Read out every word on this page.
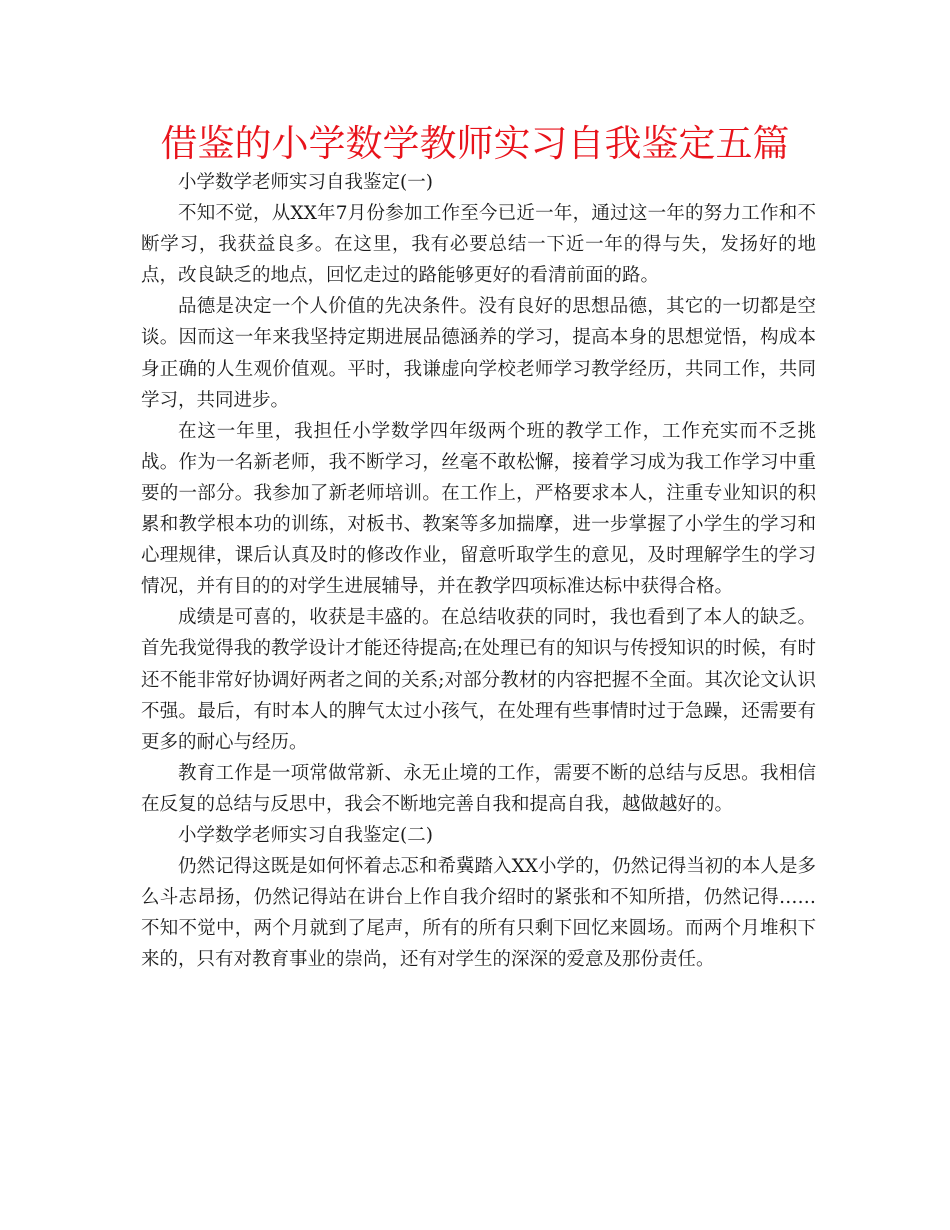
借鉴的小学数学教师实习自我鉴定五篇

小学数学老师实习自我鉴定(一)

不知不觉，从XX年7月份参加工作至今已近一年，通过这一年的努力工作和不断学习，我获益良多。在这里，我有必要总结一下近一年的得与失，发扬好的地点，改良缺乏的地点，回忆走过的路能够更好的看清前面的路。

品德是决定一个人价值的先决条件。没有良好的思想品德，其它的一切都是空谈。因而这一年来我坚持定期进展品德涵养的学习，提高本身的思想觉悟，构成本身正确的人生观价值观。平时，我谦虚向学校老师学习教学经历，共同工作，共同学习，共同进步。

在这一年里，我担任小学数学四年级两个班的教学工作，工作充实而不乏挑战。作为一名新老师，我不断学习，丝毫不敢松懈，接着学习成为我工作学习中重要的一部分。我参加了新老师培训。在工作上，严格要求本人，注重专业知识的积累和教学根本功的训练，对板书、教案等多加揣摩，进一步掌握了小学生的学习和心理规律，课后认真及时的修改作业，留意听取学生的意见，及时理解学生的学习情况，并有目的的对学生进展辅导，并在教学四项标准达标中获得合格。

成绩是可喜的，收获是丰盛的。在总结收获的同时，我也看到了本人的缺乏。首先我觉得我的教学设计才能还待提高;在处理已有的知识与传授知识的时候，有时还不能非常好协调好两者之间的关系;对部分教材的内容把握不全面。其次论文认识不强。最后，有时本人的脾气太过小孩气，在处理有些事情时过于急躁，还需要有更多的耐心与经历。

教育工作是一项常做常新、永无止境的工作，需要不断的总结与反思。我相信在反复的总结与反思中，我会不断地完善自我和提高自我，越做越好的。

小学数学老师实习自我鉴定(二)

仍然记得这既是如何怀着忐忑和希冀踏入XX小学的，仍然记得当初的本人是多么斗志昂扬，仍然记得站在讲台上作自我介绍时的紧张和不知所措，仍然记得……不知不觉中，两个月就到了尾声，所有的所有只剩下回忆来圆场。而两个月堆积下来的，只有对教育事业的崇尚，还有对学生的深深的爱意及那份责任。
